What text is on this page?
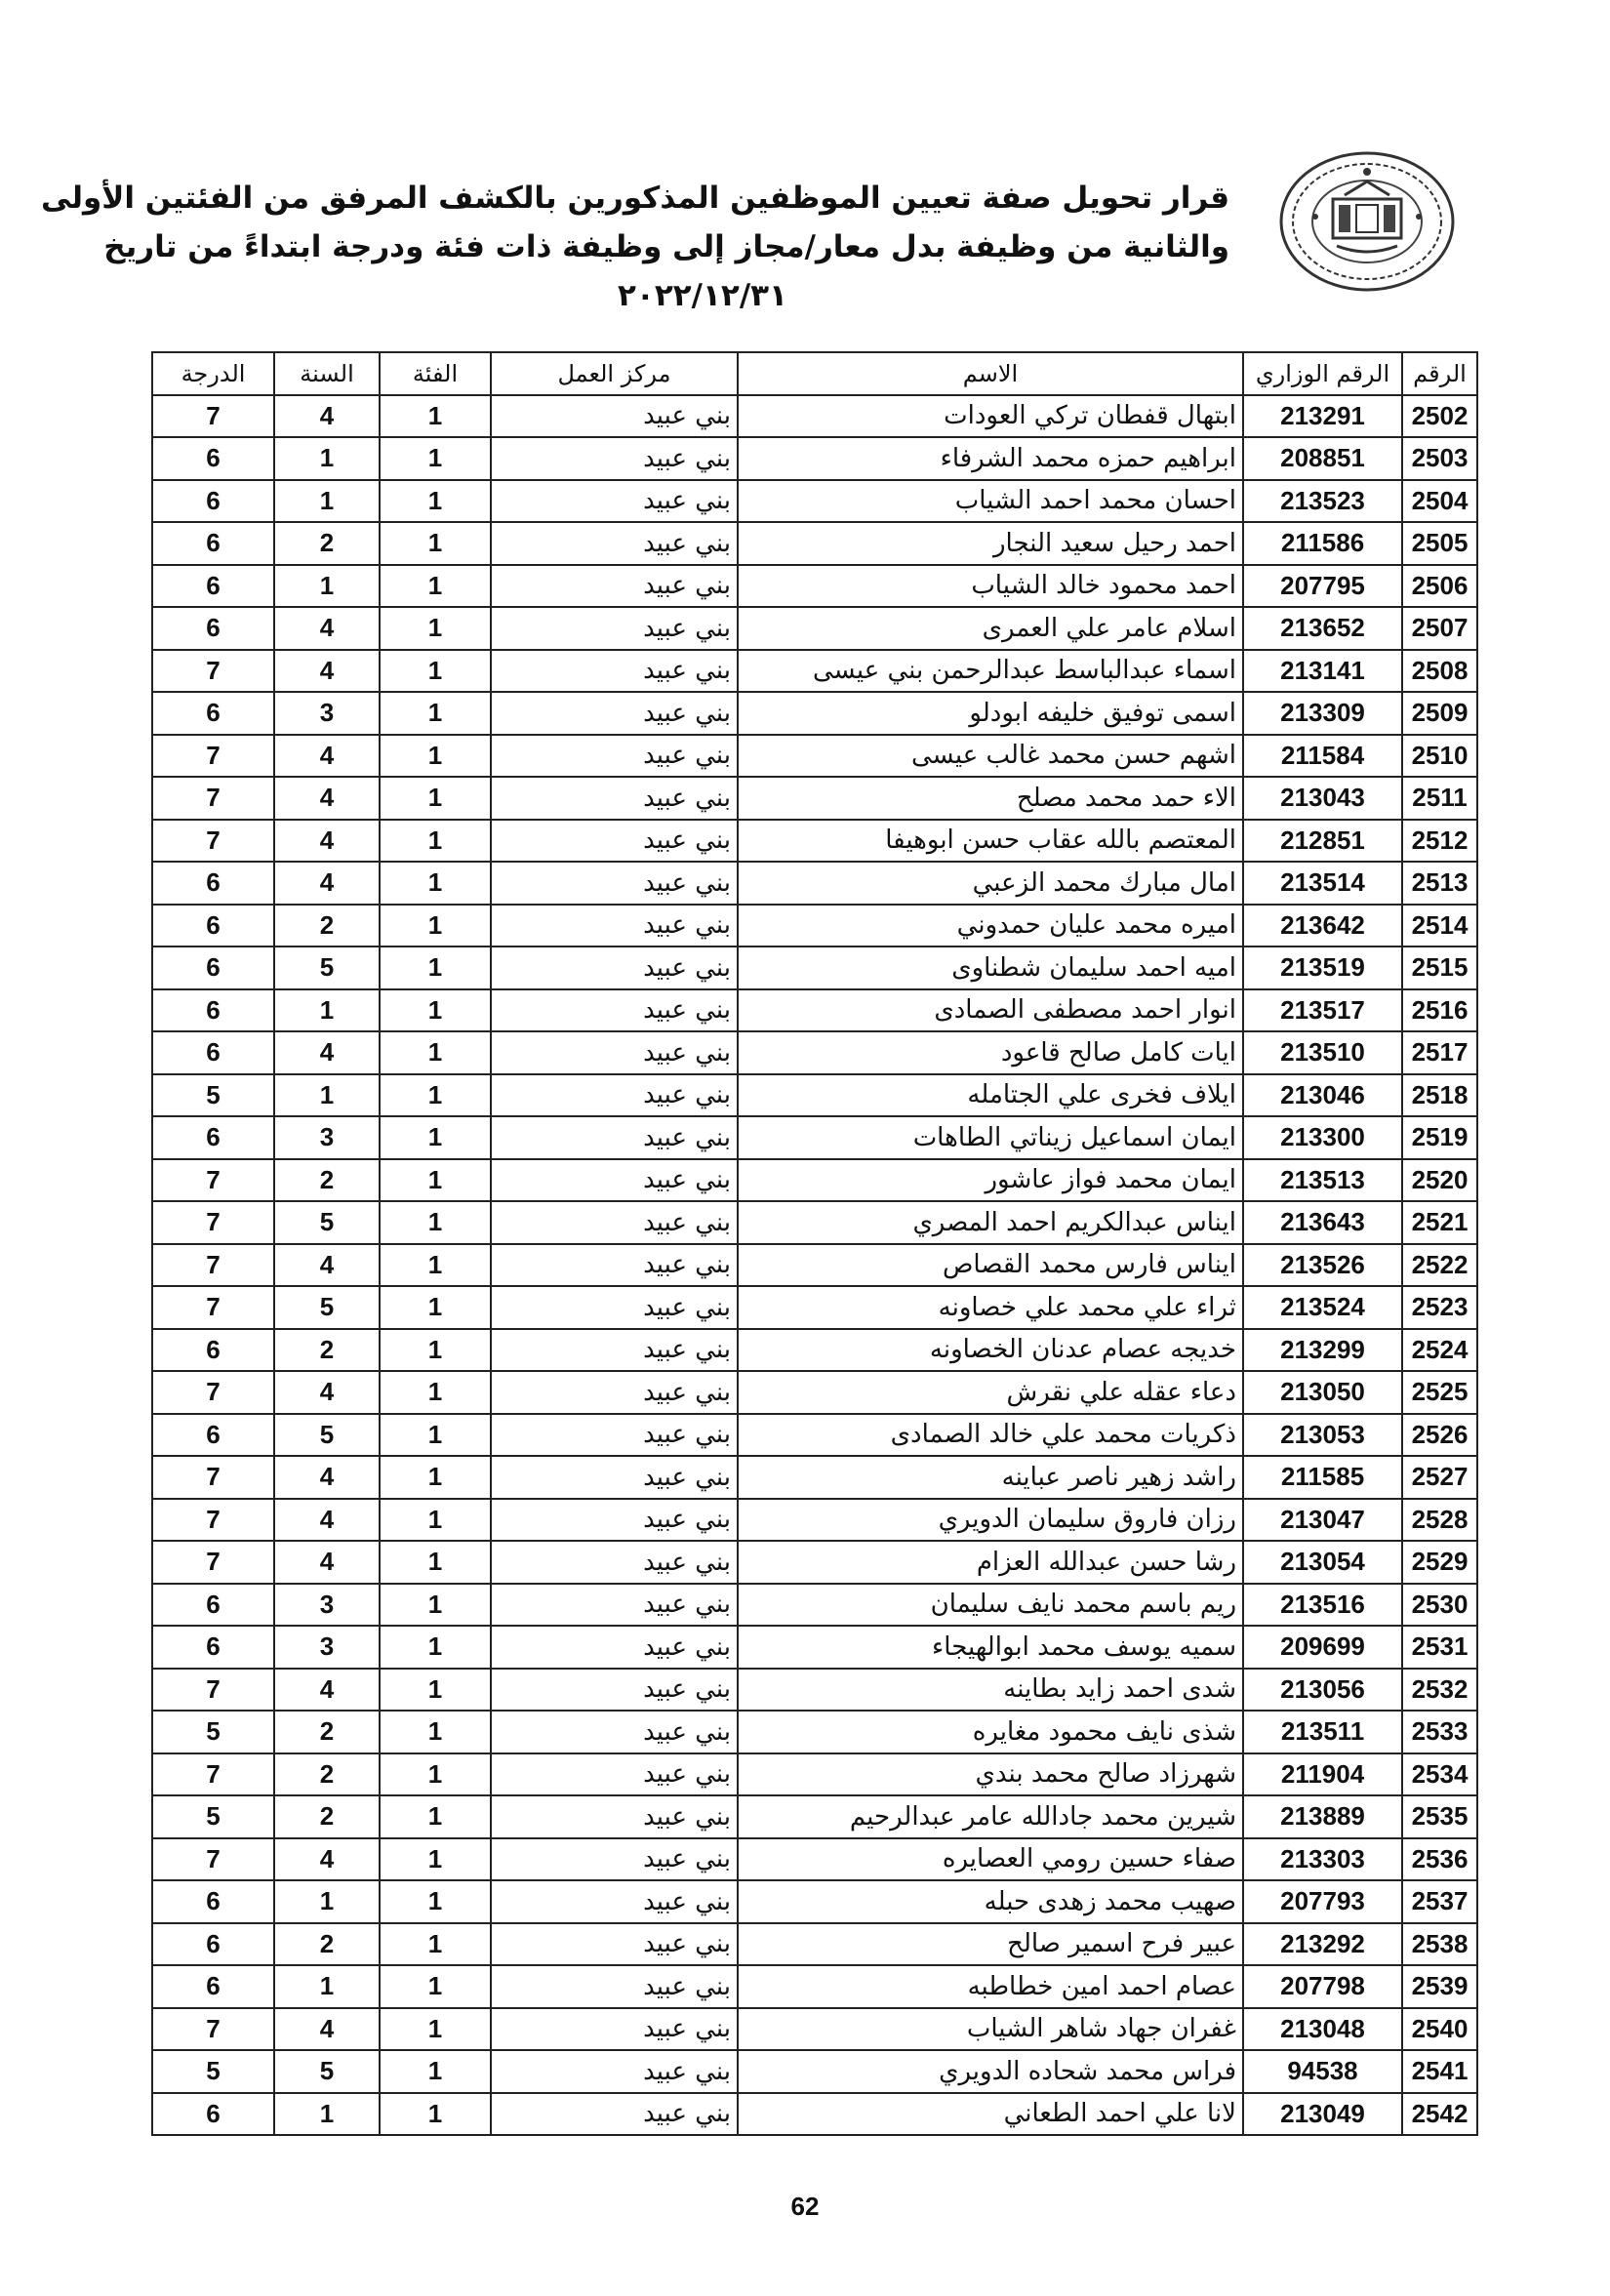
قرار تحويل صفة تعيين الموظفين المذكورين بالكشف المرفق من الفئتين الأولى
والثانية من وظيفة بدل معار/مجاز إلى وظيفة ذات فئة ودرجة ابتداءً من تاريخ
٢٠٢٢/١٢/٣١
الرقم	الرقم الوزاري	الاسم	مركز العمل	الفئة	السنة	الدرجة
2502	213291	ابتهال قفطان تركي العودات	بني عبيد	1	4	7
2503	208851	ابراهيم حمزه محمد الشرفاء	بني عبيد	1	1	6
2504	213523	احسان محمد احمد الشياب	بني عبيد	1	1	6
2505	211586	احمد رحيل سعيد النجار	بني عبيد	1	2	6
2506	207795	احمد محمود خالد الشياب	بني عبيد	1	1	6
2507	213652	اسلام عامر علي العمرى	بني عبيد	1	4	6
2508	213141	اسماء عبدالباسط عبدالرحمن بني عيسى	بني عبيد	1	4	7
2509	213309	اسمى توفيق خليفه ابودلو	بني عبيد	1	3	6
2510	211584	اشهم حسن محمد غالب عيسى	بني عبيد	1	4	7
2511	213043	الاء حمد محمد مصلح	بني عبيد	1	4	7
2512	212851	المعتصم بالله عقاب حسن ابوهيفا	بني عبيد	1	4	7
2513	213514	امال مبارك محمد الزعبي	بني عبيد	1	4	6
2514	213642	اميره محمد عليان حمدوني	بني عبيد	1	2	6
2515	213519	اميه احمد سليمان شطناوى	بني عبيد	1	5	6
2516	213517	انوار احمد مصطفى الصمادى	بني عبيد	1	1	6
2517	213510	ايات كامل صالح قاعود	بني عبيد	1	4	6
2518	213046	ايلاف فخرى علي الجتامله	بني عبيد	1	1	5
2519	213300	ايمان اسماعيل زيناتي الطاهات	بني عبيد	1	3	6
2520	213513	ايمان محمد فواز عاشور	بني عبيد	1	2	7
2521	213643	ايناس عبدالكريم احمد المصري	بني عبيد	1	5	7
2522	213526	ايناس فارس محمد القصاص	بني عبيد	1	4	7
2523	213524	ثراء علي محمد علي خصاونه	بني عبيد	1	5	7
2524	213299	خديجه عصام عدنان الخصاونه	بني عبيد	1	2	6
2525	213050	دعاء عقله علي نقرش	بني عبيد	1	4	7
2526	213053	ذكريات محمد علي خالد الصمادى	بني عبيد	1	5	6
2527	211585	راشد زهير ناصر عباينه	بني عبيد	1	4	7
2528	213047	رزان فاروق سليمان الدويري	بني عبيد	1	4	7
2529	213054	رشا حسن عبدالله العزام	بني عبيد	1	4	7
2530	213516	ريم باسم محمد نايف سليمان	بني عبيد	1	3	6
2531	209699	سميه يوسف محمد ابوالهيجاء	بني عبيد	1	3	6
2532	213056	شدى احمد زايد بطاينه	بني عبيد	1	4	7
2533	213511	شذى نايف محمود مغايره	بني عبيد	1	2	5
2534	211904	شهرزاد صالح محمد بندي	بني عبيد	1	2	7
2535	213889	شيرين محمد جادالله عامر عبدالرحيم	بني عبيد	1	2	5
2536	213303	صفاء حسين رومي العصايره	بني عبيد	1	4	7
2537	207793	صهيب محمد زهدى حبله	بني عبيد	1	1	6
2538	213292	عبير فرح اسمير صالح	بني عبيد	1	2	6
2539	207798	عصام احمد امين خطاطبه	بني عبيد	1	1	6
2540	213048	غفران جهاد شاهر الشياب	بني عبيد	1	4	7
2541	94538	فراس محمد شحاده الدويري	بني عبيد	1	5	5
2542	213049	لانا علي احمد الطعاني	بني عبيد	1	1	6
62
